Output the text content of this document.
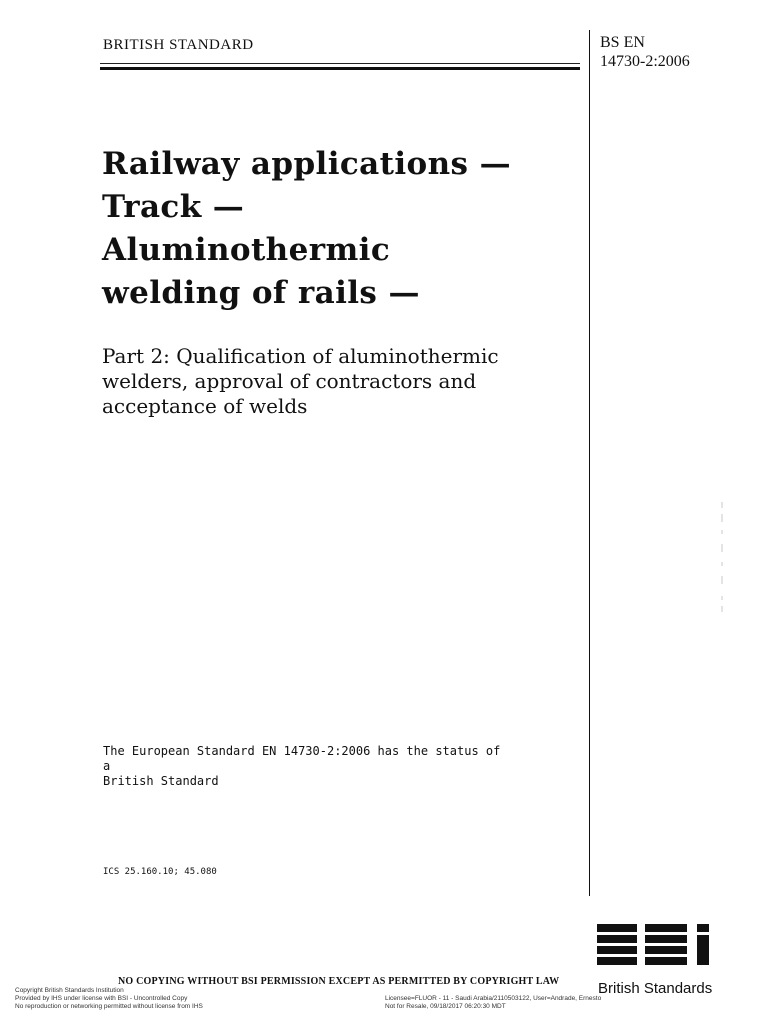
BRITISH STANDARD	BS EN
14730-2:2006
Railway applications —
Track —
Aluminothermic
welding of rails —
Part 2: Qualification of aluminothermic
welders, approval of contractors and
acceptance of welds
The European Standard EN 14730-2:2006 has the status of a
British Standard
ICS 25.160.10; 45.080
British Standards
NO COPYING WITHOUT BSI PERMISSION EXCEPT AS PERMITTED BY COPYRIGHT LAW
Copyright British Standards Institution
Provided by IHS under license with BSI - Uncontrolled Copy
No reproduction or networking permitted without license from IHS
Licensee=FLUOR - 11 - Saudi Arabia/2110503122, User=Andrade, Ernesto
Not for Resale, 09/18/2017 06:20:30 MDT
